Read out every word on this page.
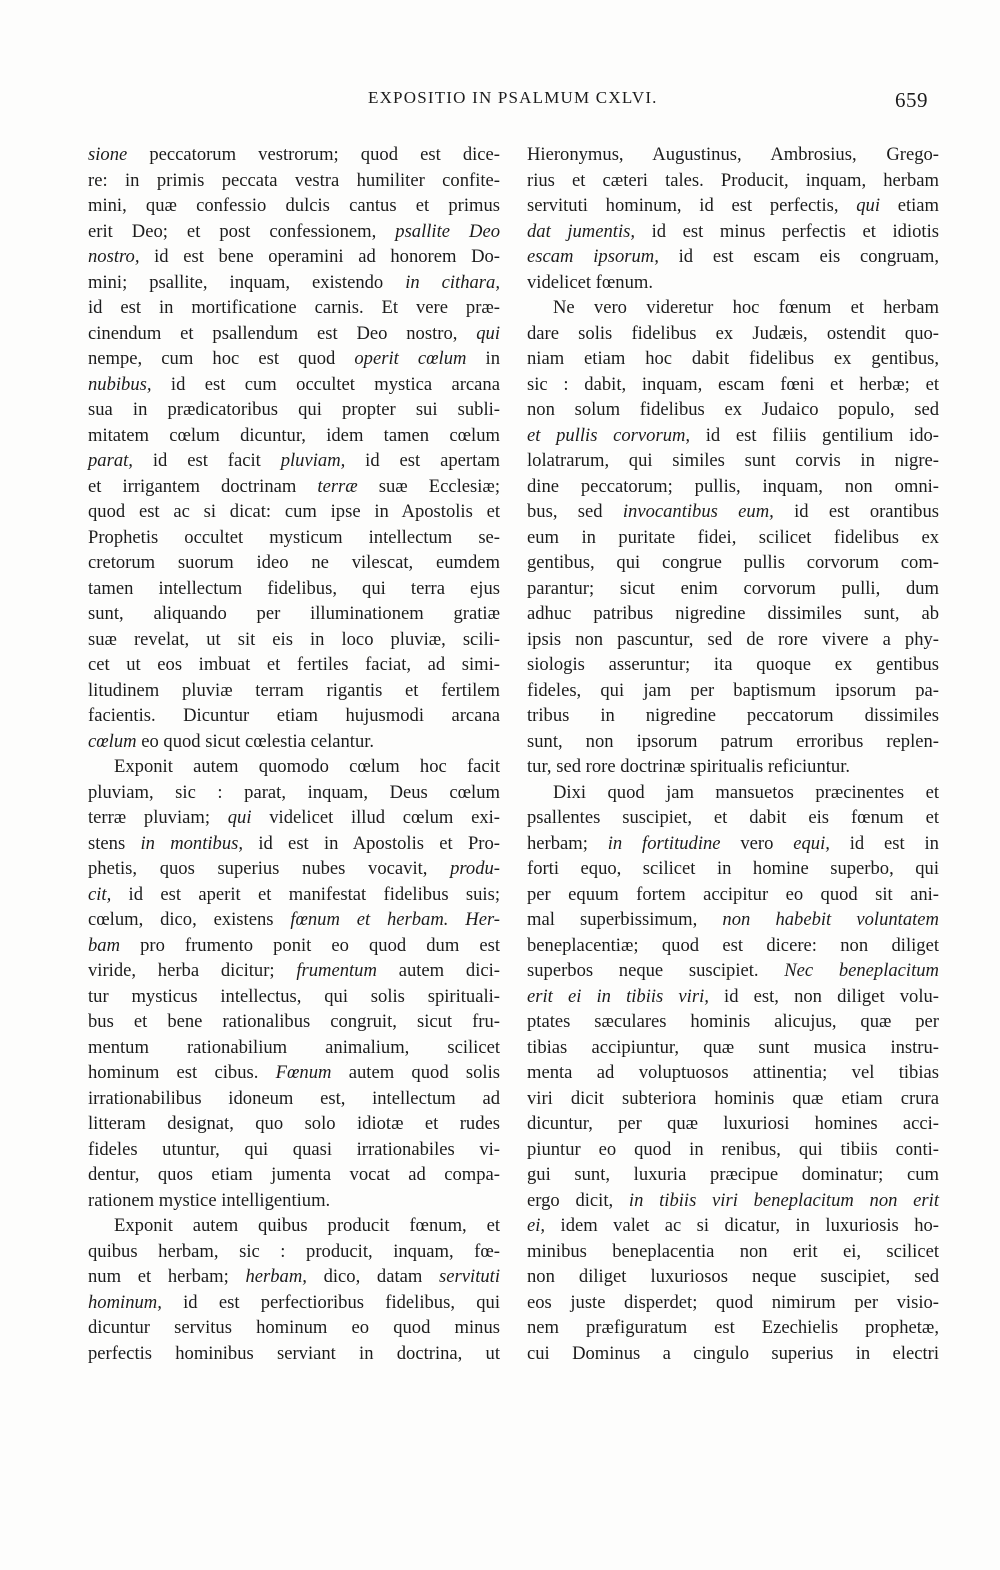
EXPOSITIO IN PSALMUM CXLVI.	659
sione peccatorum vestrorum; quod est dice-
re: in primis peccata vestra humiliter confite-
mini, quæ confessio dulcis cantus et primus
erit Deo; et post confessionem, psallite Deo
nostro, id est bene operamini ad honorem Do-
mini; psallite, inquam, existendo in cithara,
id est in mortificatione carnis. Et vere præ-
cinendum et psallendum est Deo nostro, qui
nempe, cum hoc est quod operit cœlum in
nubibus, id est cum occultet mystica arcana
sua in prædicatoribus qui propter sui subli-
mitatem cœlum dicuntur, idem tamen cœlum
parat, id est facit pluviam, id est apertam
et irrigantem doctrinam terræ suæ Ecclesiæ;
quod est ac si dicat: cum ipse in Apostolis et
Prophetis occultet mysticum intellectum se-
cretorum suorum ideo ne vilescat, eumdem
tamen intellectum fidelibus, qui terra ejus
sunt, aliquando per illuminationem gratiæ
suæ revelat, ut sit eis in loco pluviæ, scili-
cet ut eos imbuat et fertiles faciat, ad simi-
litudinem pluviæ terram rigantis et fertilem
facientis. Dicuntur etiam hujusmodi arcana
cœlum eo quod sicut cœlestia celantur.
Exponit autem quomodo cœlum hoc facit
pluviam, sic : parat, inquam, Deus cœlum
terræ pluviam; qui videlicet illud cœlum exi-
stens in montibus, id est in Apostolis et Pro-
phetis, quos superius nubes vocavit, produ-
cit, id est aperit et manifestat fidelibus suis;
cœlum, dico, existens fœnum et herbam. Her-
bam pro frumento ponit eo quod dum est
viride, herba dicitur; frumentum autem dici-
tur mysticus intellectus, qui solis spirituali-
bus et bene rationalibus congruit, sicut fru-
mentum rationabilium animalium, scilicet
hominum est cibus. Fœnum autem quod solis
irrationabilibus idoneum est, intellectum ad
litteram designat, quo solo idiotæ et rudes
fideles utuntur, qui quasi irrationabiles vi-
dentur, quos etiam jumenta vocat ad compa-
rationem mystice intelligentium.
Exponit autem quibus producit fœnum, et
quibus herbam, sic : producit, inquam, fœ-
num et herbam; herbam, dico, datam servituti
hominum, id est perfectioribus fidelibus, qui
dicuntur servitus hominum eo quod minus
perfectis hominibus serviant in doctrina, ut
Hieronymus, Augustinus, Ambrosius, Grego-
rius et cæteri tales. Producit, inquam, herbam
servituti hominum, id est perfectis, qui etiam
dat jumentis, id est minus perfectis et idiotis
escam ipsorum, id est escam eis congruam,
videlicet fœnum.
Ne vero videretur hoc fœnum et herbam
dare solis fidelibus ex Judæis, ostendit quo-
niam etiam hoc dabit fidelibus ex gentibus,
sic : dabit, inquam, escam fœni et herbæ; et
non solum fidelibus ex Judaico populo, sed
et pullis corvorum, id est filiis gentilium ido-
lolatrarum, qui similes sunt corvis in nigre-
dine peccatorum; pullis, inquam, non omni-
bus, sed invocantibus eum, id est orantibus
eum in puritate fidei, scilicet fidelibus ex
gentibus, qui congrue pullis corvorum com-
parantur; sicut enim corvorum pulli, dum
adhuc patribus nigredine dissimiles sunt, ab
ipsis non pascuntur, sed de rore vivere a phy-
siologis asseruntur; ita quoque ex gentibus
fideles, qui jam per baptismum ipsorum pa-
tribus in nigredine peccatorum dissimiles
sunt, non ipsorum patrum erroribus replen-
tur, sed rore doctrinæ spiritualis reficiuntur.
Dixi quod jam mansuetos præcinentes et
psallentes suscipiet, et dabit eis fœnum et
herbam; in fortitudine vero equi, id est in
forti equo, scilicet in homine superbo, qui
per equum fortem accipitur eo quod sit ani-
mal superbissimum, non habebit voluntatem
beneplacentiæ; quod est dicere: non diliget
superbos neque suscipiet. Nec beneplacitum
erit ei in tibiis viri, id est, non diliget volu-
ptates sæculares hominis alicujus, quæ per
tibias accipiuntur, quæ sunt musica instru-
menta ad voluptuosos attinentia; vel tibias
viri dicit subteriora hominis quæ etiam crura
dicuntur, per quæ luxuriosi homines acci-
piuntur eo quod in renibus, qui tibiis conti-
gui sunt, luxuria præcipue dominatur; cum
ergo dicit, in tibiis viri beneplacitum non erit
ei, idem valet ac si dicatur, in luxuriosis ho-
minibus beneplacentia non erit ei, scilicet
non diliget luxuriosos neque suscipiet, sed
eos juste disperdet; quod nimirum per visio-
nem præfiguratum est Ezechielis prophetæ,
cui Dominus a cingulo superius in electri
